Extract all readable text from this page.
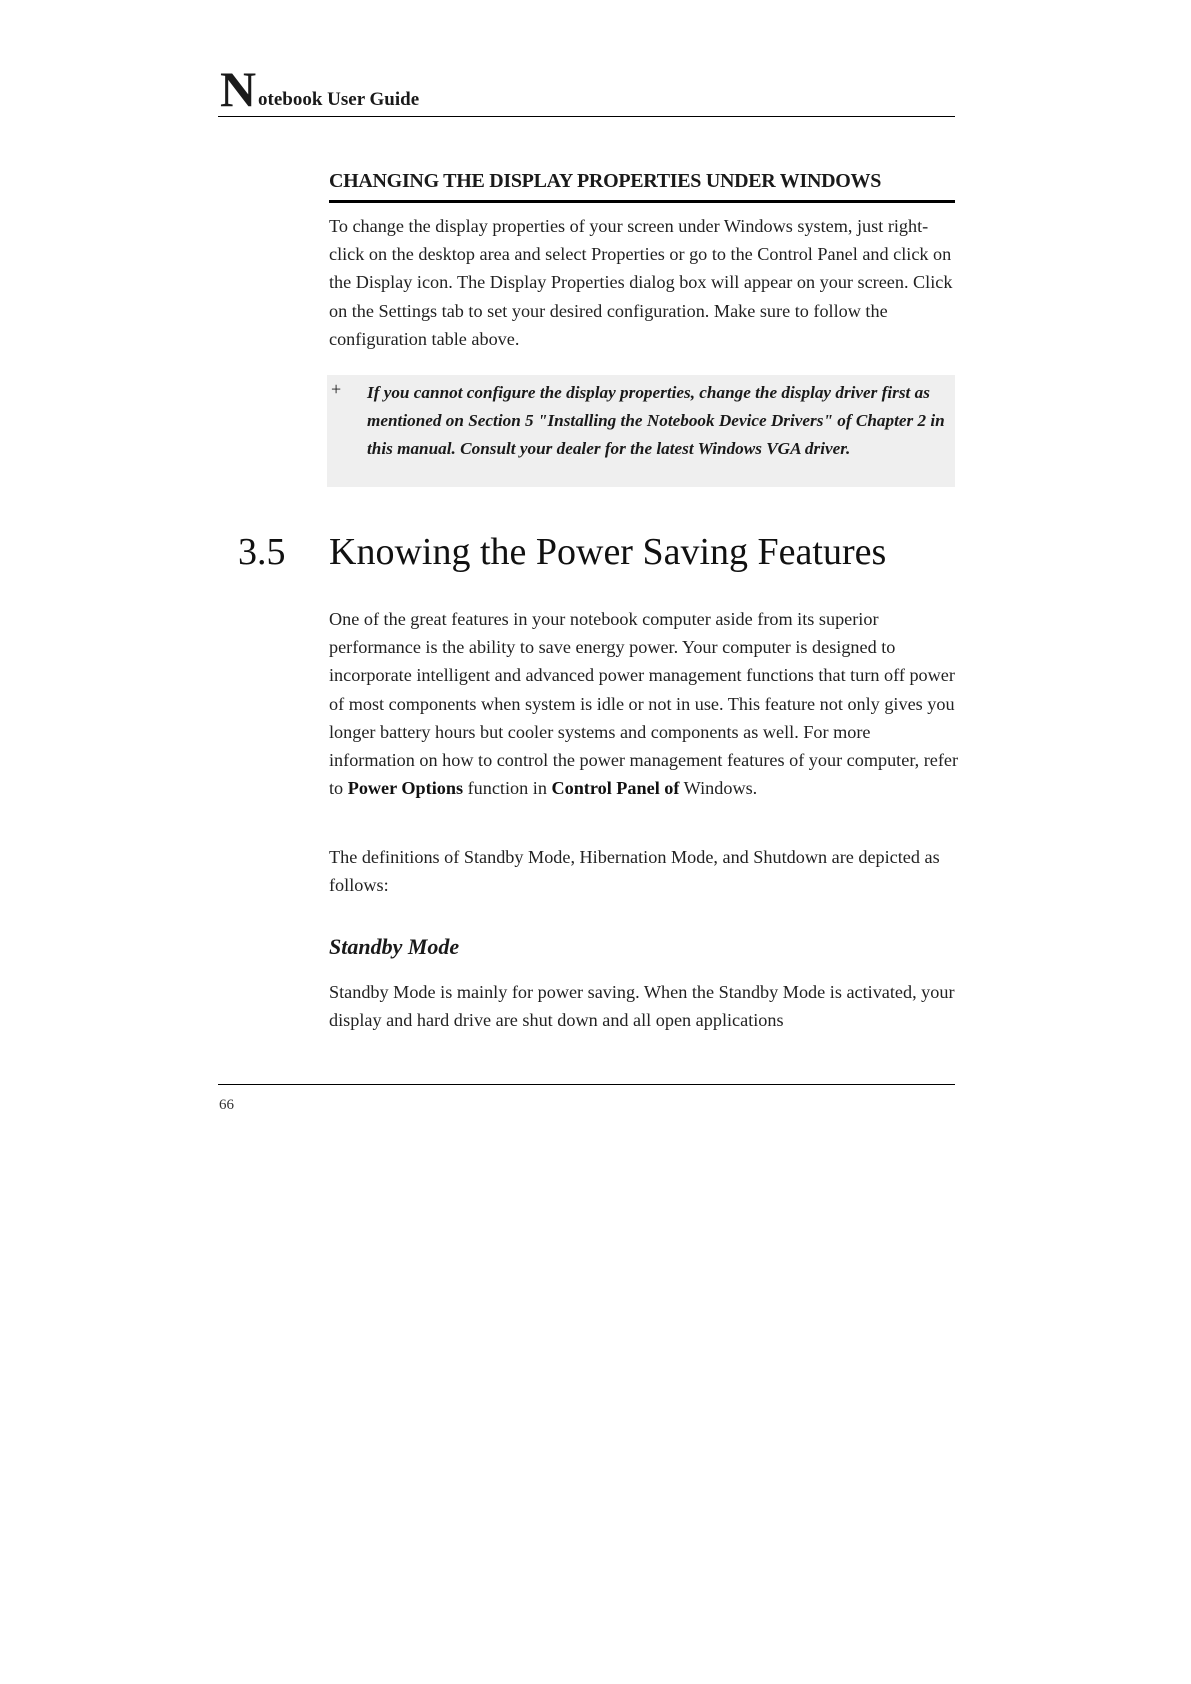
N otebook User Guide
CHANGING THE DISPLAY PROPERTIES UNDER WINDOWS
To change the display properties of your screen under Windows system, just right-click on the desktop area and select Properties or go to the Control Panel and click on the Display icon. The Display Properties dialog box will appear on your screen. Click on the Settings tab to set your desired configuration. Make sure to follow the configuration table above.
+ If you cannot configure the display properties, change the display driver first as mentioned on Section 5 "Installing the Notebook Device Drivers" of Chapter 2 in this manual. Consult your dealer for the latest Windows VGA driver.
3.5 Knowing the Power Saving Features
One of the great features in your notebook computer aside from its superior performance is the ability to save energy power. Your computer is designed to incorporate intelligent and advanced power management functions that turn off power of most components when system is idle or not in use. This feature not only gives you longer battery hours but cooler systems and components as well. For more information on how to control the power management features of your computer, refer to Power Options function in Control Panel of Windows.
The definitions of Standby Mode, Hibernation Mode, and Shutdown are depicted as follows:
Standby Mode
Standby Mode is mainly for power saving. When the Standby Mode is activated, your display and hard drive are shut down and all open applications
66
